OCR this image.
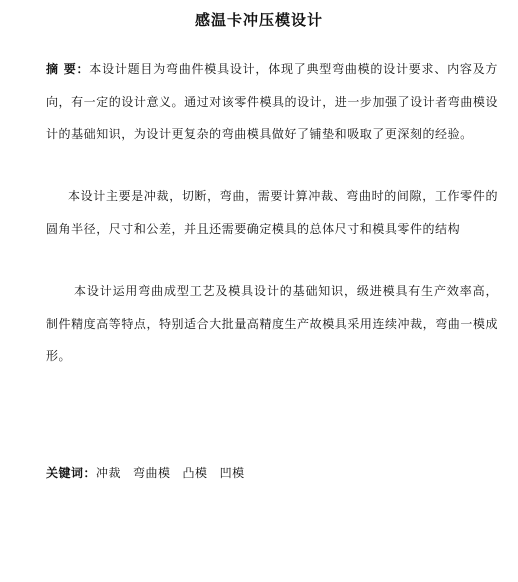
感温卡冲压模设计

摘 要：本设计题目为弯曲件模具设计，体现了典型弯曲模的设计要求、内容及方向，有一定的设计意义。通过对该零件模具的设计，进一步加强了设计者弯曲模设计的基础知识，为设计更复杂的弯曲模具做好了铺垫和吸取了更深刻的经验。

本设计主要是冲裁，切断，弯曲，需要计算冲裁、弯曲时的间隙，工作零件的圆角半径，尺寸和公差，并且还需要确定模具的总体尺寸和模具零件的结构

本设计运用弯曲成型工艺及模具设计的基础知识，级进模具有生产效率高，制件精度高等特点，特别适合大批量高精度生产故模具采用连续冲裁，弯曲一模成形。

关键词：冲裁 弯曲模 凸模 凹模
